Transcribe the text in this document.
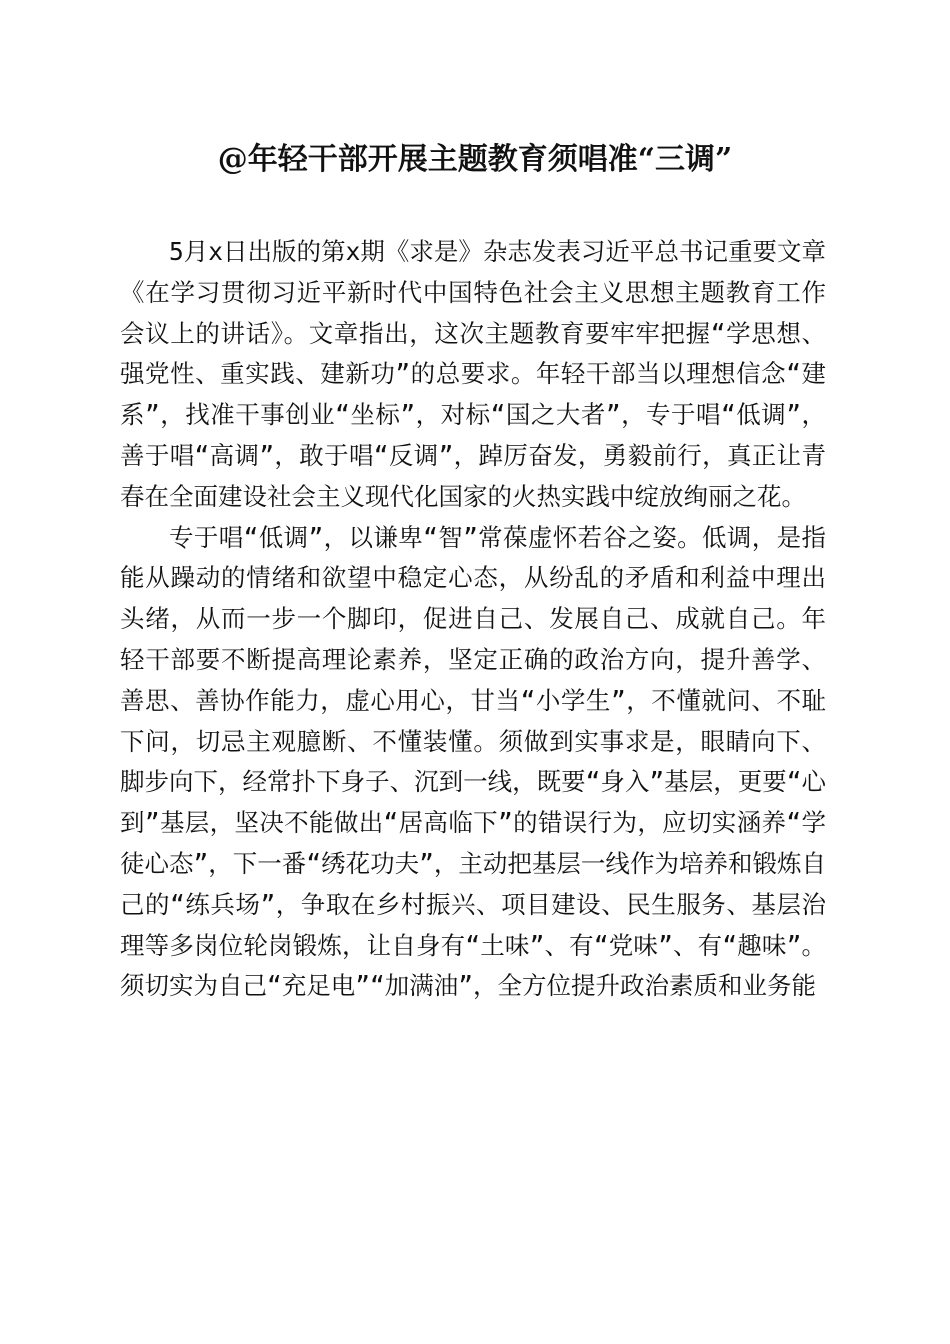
@年轻干部开展主题教育须唱准“三调”

5月x日出版的第x期《求是》杂志发表习近平总书记重要文章《在学习贯彻习近平新时代中国特色社会主义思想主题教育工作会议上的讲话》。文章指出，这次主题教育要牢牢把握“学思想、强党性、重实践、建新功”的总要求。年轻干部当以理想信念“建系”，找准干事创业“坐标”，对标“国之大者”，专于唱“低调”，善于唱“高调”，敢于唱“反调”，踔厉奋发，勇毅前行，真正让青春在全面建设社会主义现代化国家的火热实践中绽放绚丽之花。

专于唱“低调”，以谦卑“智”常葆虚怀若谷之姿。低调，是指能从躁动的情绪和欲望中稳定心态，从纷乱的矛盾和利益中理出头绪，从而一步一个脚印，促进自己、发展自己、成就自己。年轻干部要不断提高理论素养，坚定正确的政治方向，提升善学、善思、善协作能力，虚心用心，甘当“小学生”，不懂就问、不耻下问，切忌主观臆断、不懂装懂。须做到实事求是，眼睛向下、脚步向下，经常扑下身子、沉到一线，既要“身入”基层，更要“心到”基层，坚决不能做出“居高临下”的错误行为，应切实涵养“学徒心态”，下一番“绣花功夫”，主动把基层一线作为培养和锻炼自己的“练兵场”，争取在乡村振兴、项目建设、民生服务、基层治理等多岗位轮岗锻炼，让自身有“土味”、有“党味”、有“趣味”。须切实为自己“充足电”“加满油”，全方位提升政治素质和业务能
